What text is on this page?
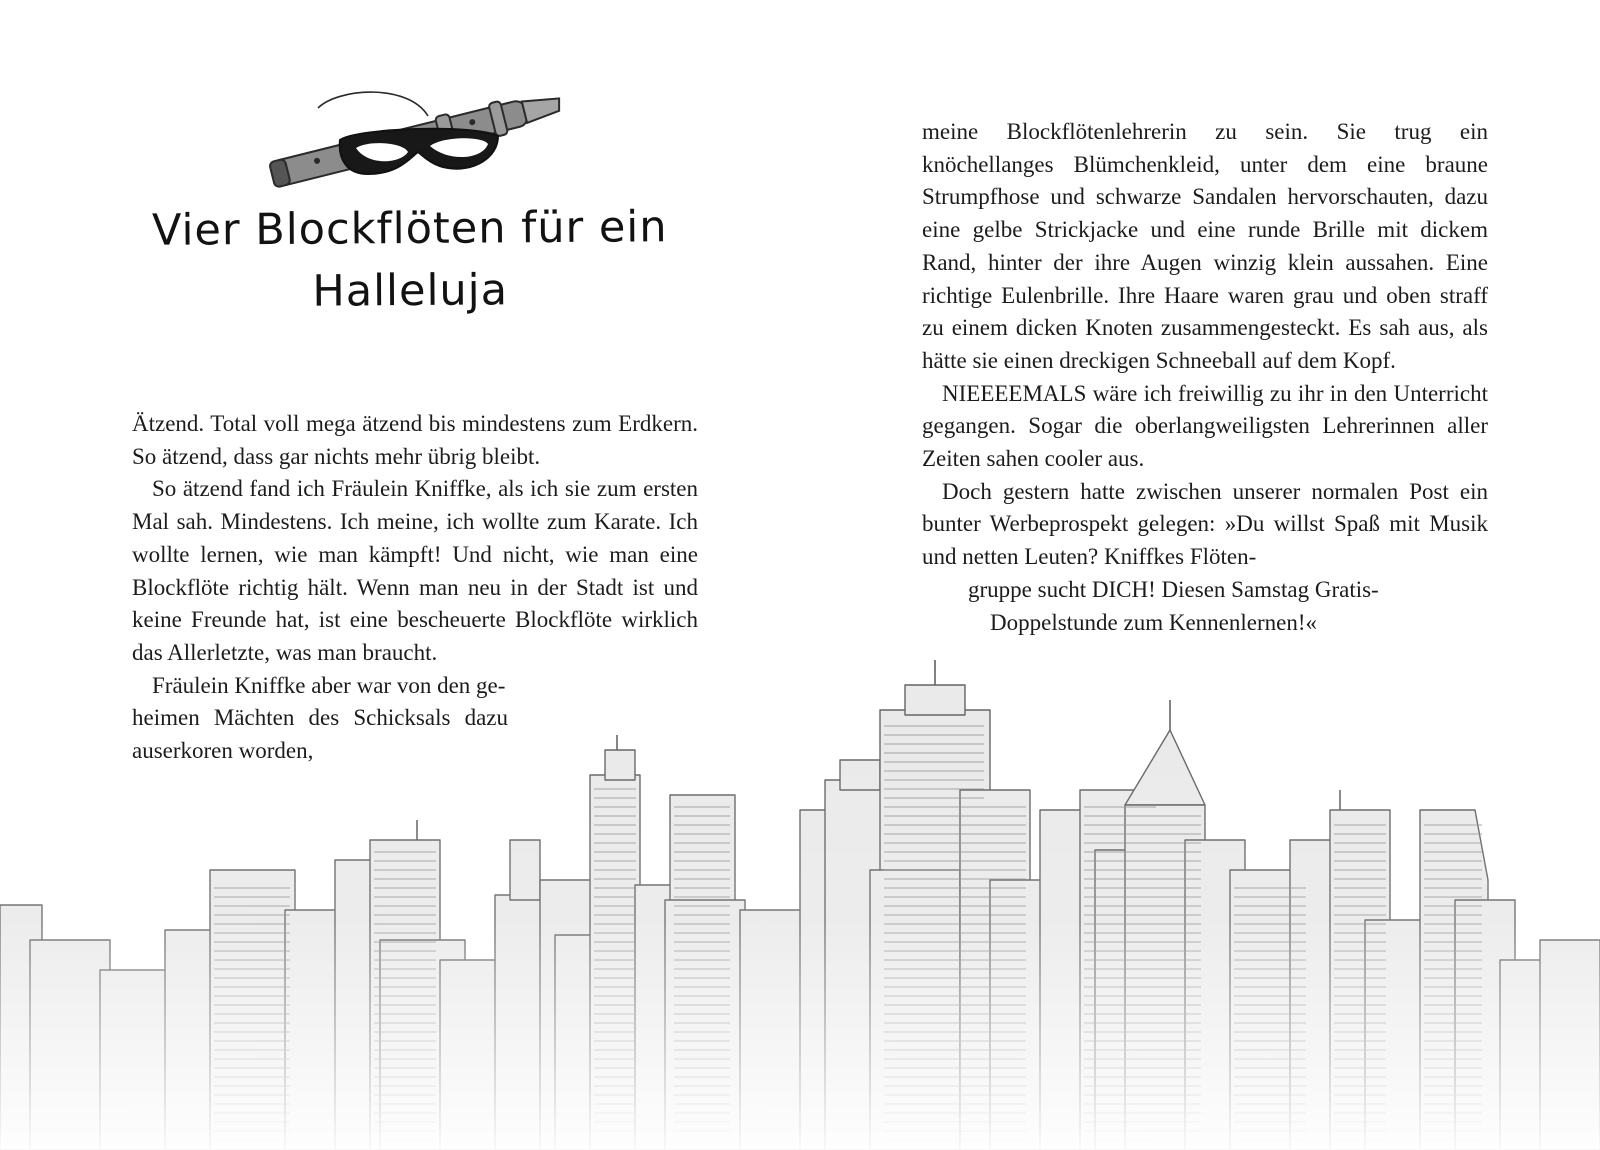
Vier Blockflöten für ein
Halleluja

Ätzend. Total voll mega ätzend bis mindestens zum Erdkern. So ätzend, dass gar nichts mehr übrig bleibt.

So ätzend fand ich Fräulein Kniffke, als ich sie zum ersten Mal sah. Mindestens. Ich meine, ich wollte zum Karate. Ich wollte lernen, wie man kämpft! Und nicht, wie man eine Blockflöte richtig hält. Wenn man neu in der Stadt ist und keine Freunde hat, ist eine bescheuerte Blockflöte wirklich das Allerletzte, was man braucht.

Fräulein Kniffke aber war von den ge-

heimen Mächten des Schicksals dazu auserkoren worden,

meine Blockflötenlehrerin zu sein. Sie trug ein knöchellanges Blümchenkleid, unter dem eine braune Strumpfhose und schwarze Sandalen hervorschauten, dazu eine gelbe Strickjacke und eine runde Brille mit dickem Rand, hinter der ihre Augen winzig klein aussahen. Eine richtige Eulenbrille. Ihre Haare waren grau und oben straff zu einem dicken Knoten zusammengesteckt. Es sah aus, als hätte sie einen dreckigen Schneeball auf dem Kopf.

NIEEEEMALS wäre ich freiwillig zu ihr in den Unterricht gegangen. Sogar die oberlangweiligsten Lehrerinnen aller Zeiten sahen cooler aus.

Doch gestern hatte zwischen unserer normalen Post ein bunter Werbeprospekt gelegen: »Du willst Spaß mit Musik und netten Leuten? Kniffkes Flöten-

gruppe sucht DICH! Diesen Samstag Gratis-

Doppelstunde zum Kennenlernen!«
